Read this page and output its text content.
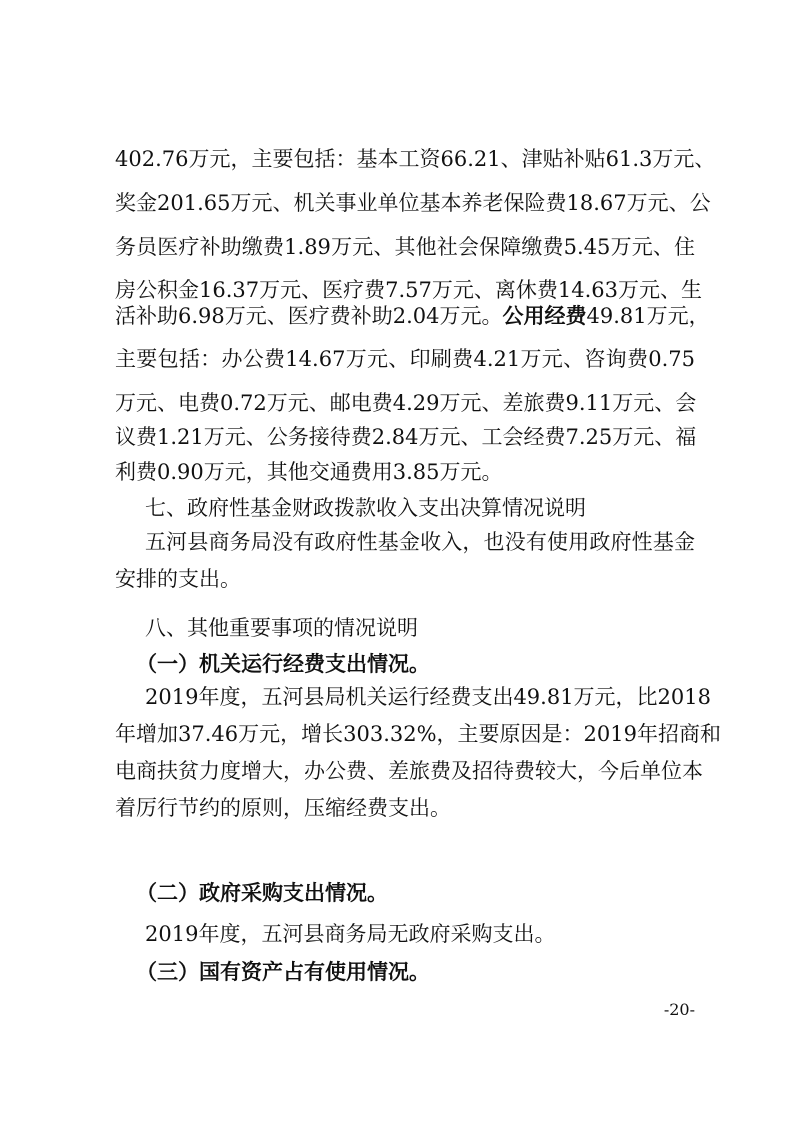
402.76万元，主要包括：基本工资66.21、津贴补贴61.3万元、
奖金201.65万元、机关事业单位基本养老保险费18.67万元、公
务员医疗补助缴费1.89万元、其他社会保障缴费5.45万元、住
房公积金16.37万元、医疗费7.57万元、离休费14.63万元、生
活补助6.98万元、医疗费补助2.04万元。公用经费49.81万元，
主要包括：办公费14.67万元、印刷费4.21万元、咨询费0.75
万元、电费0.72万元、邮电费4.29万元、差旅费9.11万元、会
议费1.21万元、公务接待费2.84万元、工会经费7.25万元、福
利费0.90万元，其他交通费用3.85万元。
七、政府性基金财政拨款收入支出决算情况说明
五河县商务局没有政府性基金收入，也没有使用政府性基金
安排的支出。
八、其他重要事项的情况说明
（一）机关运行经费支出情况。
2019年度，五河县局机关运行经费支出49.81万元，比2018
年增加37.46万元，增长303.32%，主要原因是：2019年招商和
电商扶贫力度增大，办公费、差旅费及招待费较大，今后单位本
着厉行节约的原则，压缩经费支出。
（二）政府采购支出情况。
2019年度，五河县商务局无政府采购支出。
（三）国有资产占有使用情况。
-20-
